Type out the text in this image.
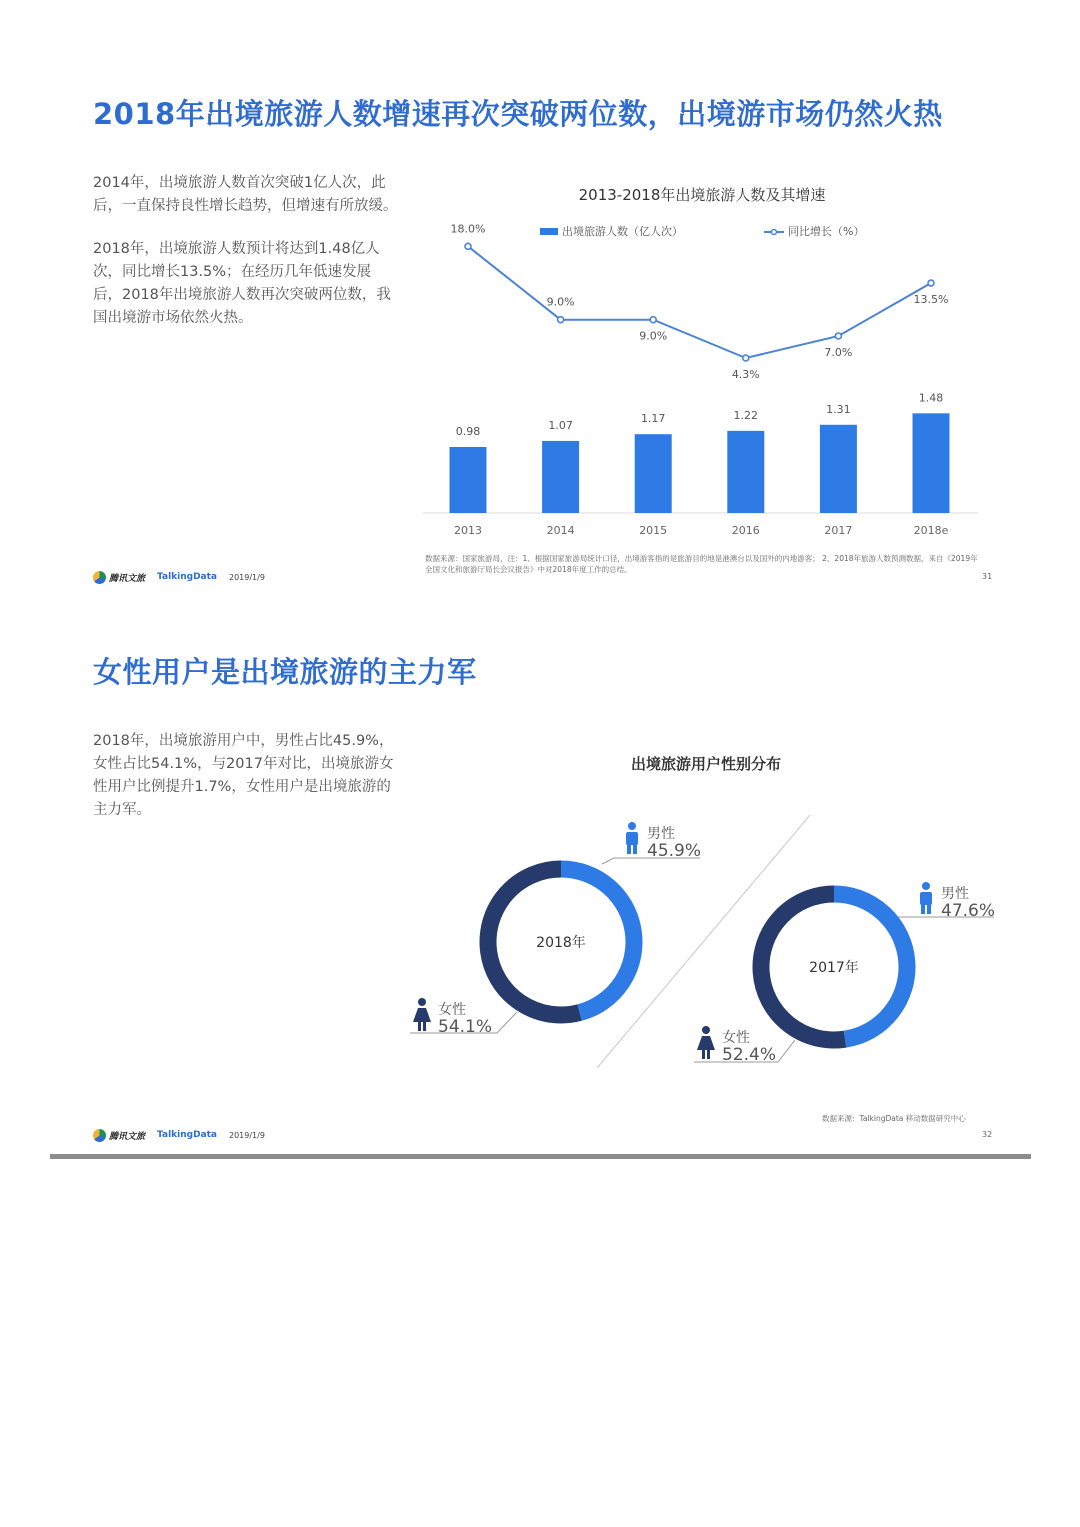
2018年出境旅游人数增速再次突破两位数，出境游市场仍然火热

2014年，出境旅游人数首次突破1亿人次，此后，一直保持良性增长趋势，但增速有所放缓。

2018年，出境旅游人数预计将达到1.48亿人次，同比增长13.5%；在经历几年低速发展后，2018年出境旅游人数再次突破两位数，我国出境游市场依然火热。

2013-2018年出境旅游人数及其增速
出境旅游人数（亿人次）	同比增长（%）
0.98
2013
1.07
2014
1.17
2015
1.22
2016
1.31
2017
1.48
2018e
18.0%
9.0%
9.0%
4.3%
7.0%
13.5%
腾讯文旅 TalkingData 2019/1/9
数据来源：国家旅游局，注：1、根据国家旅游局统计口径，出境游客指的是旅游目的地是港澳台以及国外的内地游客； 2、2018年旅游人数预测数据，来自《2019年全国文化和旅游厅局长会议报告》中对2018年度工作的总结。
31
女性用户是出境旅游的主力军

2018年，出境旅游用户中，男性占比45.9%，女性占比54.1%，与2017年对比，出境旅游女性用户比例提升1.7%，女性用户是出境旅游的主力军。

出境旅游用户性别分布
2018年
男性
45.9%
女性
54.1%
2017年
男性
47.6%
女性
52.4%
腾讯文旅 TalkingData 2019/1/9
数据来源：TalkingData 移动数据研究中心
32
